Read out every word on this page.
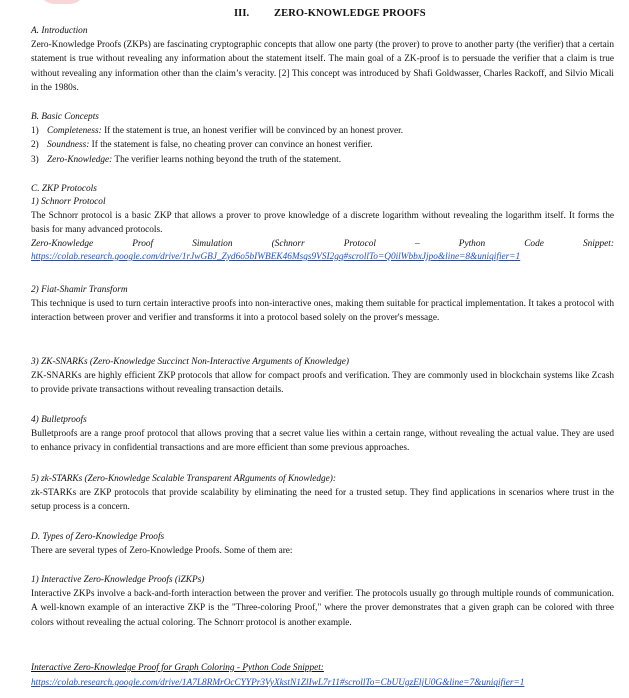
III. ZERO-KNOWLEDGE PROOFS
A. Introduction

Zero-Knowledge Proofs (ZKPs) are fascinating cryptographic concepts that allow one party (the prover) to prove to another party (the verifier) that a certain statement is true without revealing any information about the statement itself. The main goal of a ZK-proof is to persuade the verifier that a claim is true without revealing any information other than the claim’s veracity. [2] This concept was introduced by Shafi Goldwasser, Charles Rackoff, and Silvio Micali in the 1980s.

B. Basic Concepts
1) Completeness: If the statement is true, an honest verifier will be convinced by an honest prover.
2) Soundness: If the statement is false, no cheating prover can convince an honest verifier.
3) Zero-Knowledge: The verifier learns nothing beyond the truth of the statement.
C. ZKP Protocols
1) Schnorr Protocol

The Schnorr protocol is a basic ZKP that allows a prover to prove knowledge of a discrete logarithm without revealing the logarithm itself. It forms the basis for many advanced protocols.

Zero-Knowledge	Proof	Simulation	(Schnorr	Protocol	–	Python	Code	Snippet:
https://colab.research.google.com/drive/1rJwGBJ_Zyd6o5bIWBEK46Msgs9VSI2gq#scrollTo=Q0ilWbbxJjpo&line=8&uniqifier=1
2) Fiat-Shamir Transform

This technique is used to turn certain interactive proofs into non-interactive ones, making them suitable for practical implementation. It takes a protocol with interaction between prover and verifier and transforms it into a protocol based solely on the prover's message.

3) ZK-SNARKs (Zero-Knowledge Succinct Non-Interactive Arguments of Knowledge)

ZK-SNARKs are highly efficient ZKP protocols that allow for compact proofs and verification. They are commonly used in blockchain systems like Zcash to provide private transactions without revealing transaction details.

4) Bulletproofs

Bulletproofs are a range proof protocol that allows proving that a secret value lies within a certain range, without revealing the actual value. They are used to enhance privacy in confidential transactions and are more efficient than some previous approaches.

5) zk-STARKs (Zero-Knowledge Scalable Transparent ARguments of Knowledge):

zk-STARKs are ZKP protocols that provide scalability by eliminating the need for a trusted setup. They find applications in scenarios where trust in the setup process is a concern.

D. Types of Zero-Knowledge Proofs

There are several types of Zero-Knowledge Proofs. Some of them are:

1) Interactive Zero-Knowledge Proofs (iZKPs)

Interactive ZKPs involve a back-and-forth interaction between the prover and verifier. The protocols usually go through multiple rounds of communication. A well-known example of an interactive ZKP is the "Three-coloring Proof," where the prover demonstrates that a given graph can be colored with three colors without revealing the actual coloring. The Schnorr protocol is another example.

Interactive Zero-Knowledge Proof for Graph Coloring - Python Code Snippet:
https://colab.research.google.com/drive/1A7L8RMrOcCYYPr3VyXkstN1ZlIwL7r11#scrollTo=CbUUgzEljU0G&line=7&uniqifier=1
